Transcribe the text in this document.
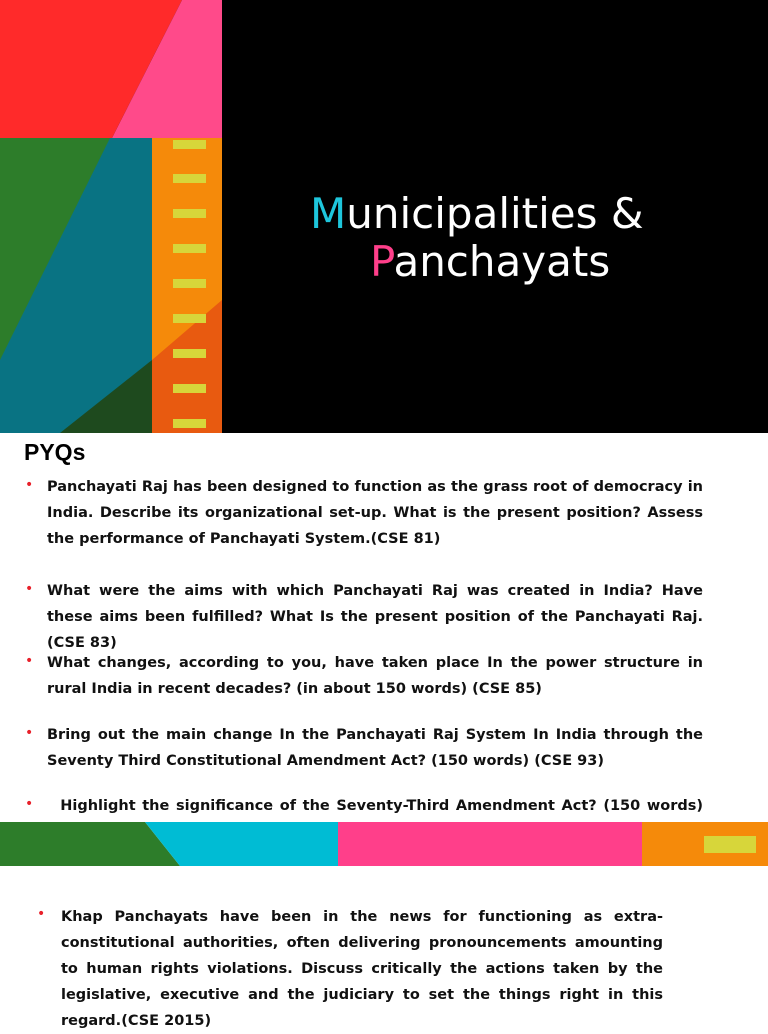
Municipalities &
Panchayats
PYQs
• Panchayati Raj has been designed to function as the grass root of democracy in India. Describe its organizational set-up. What is the present position? Assess the performance of Panchayati System.(CSE 81)

• What were the aims with which Panchayati Raj was created in India? Have these aims been fulfilled? What Is the present position of the Panchayati Raj.(CSE 83)

• What changes, according to you, have taken place In the power structure in rural India in recent decades? (in about 150 words) (CSE 85)

• Bring out the main change In the Panchayati Raj System In India through the Seventy Third Constitutional Amendment Act? (150 words) (CSE 93)

•	Highlight the significance of the Seventy-Third Amendment Act? (150 words)

• Khap Panchayats have been in the news for functioning as extra-constitutional authorities, often delivering pronouncements amounting to human rights violations. Discuss critically the actions taken by the legislative, executive and the judiciary to set the things right in this regard.(CSE 2015)
